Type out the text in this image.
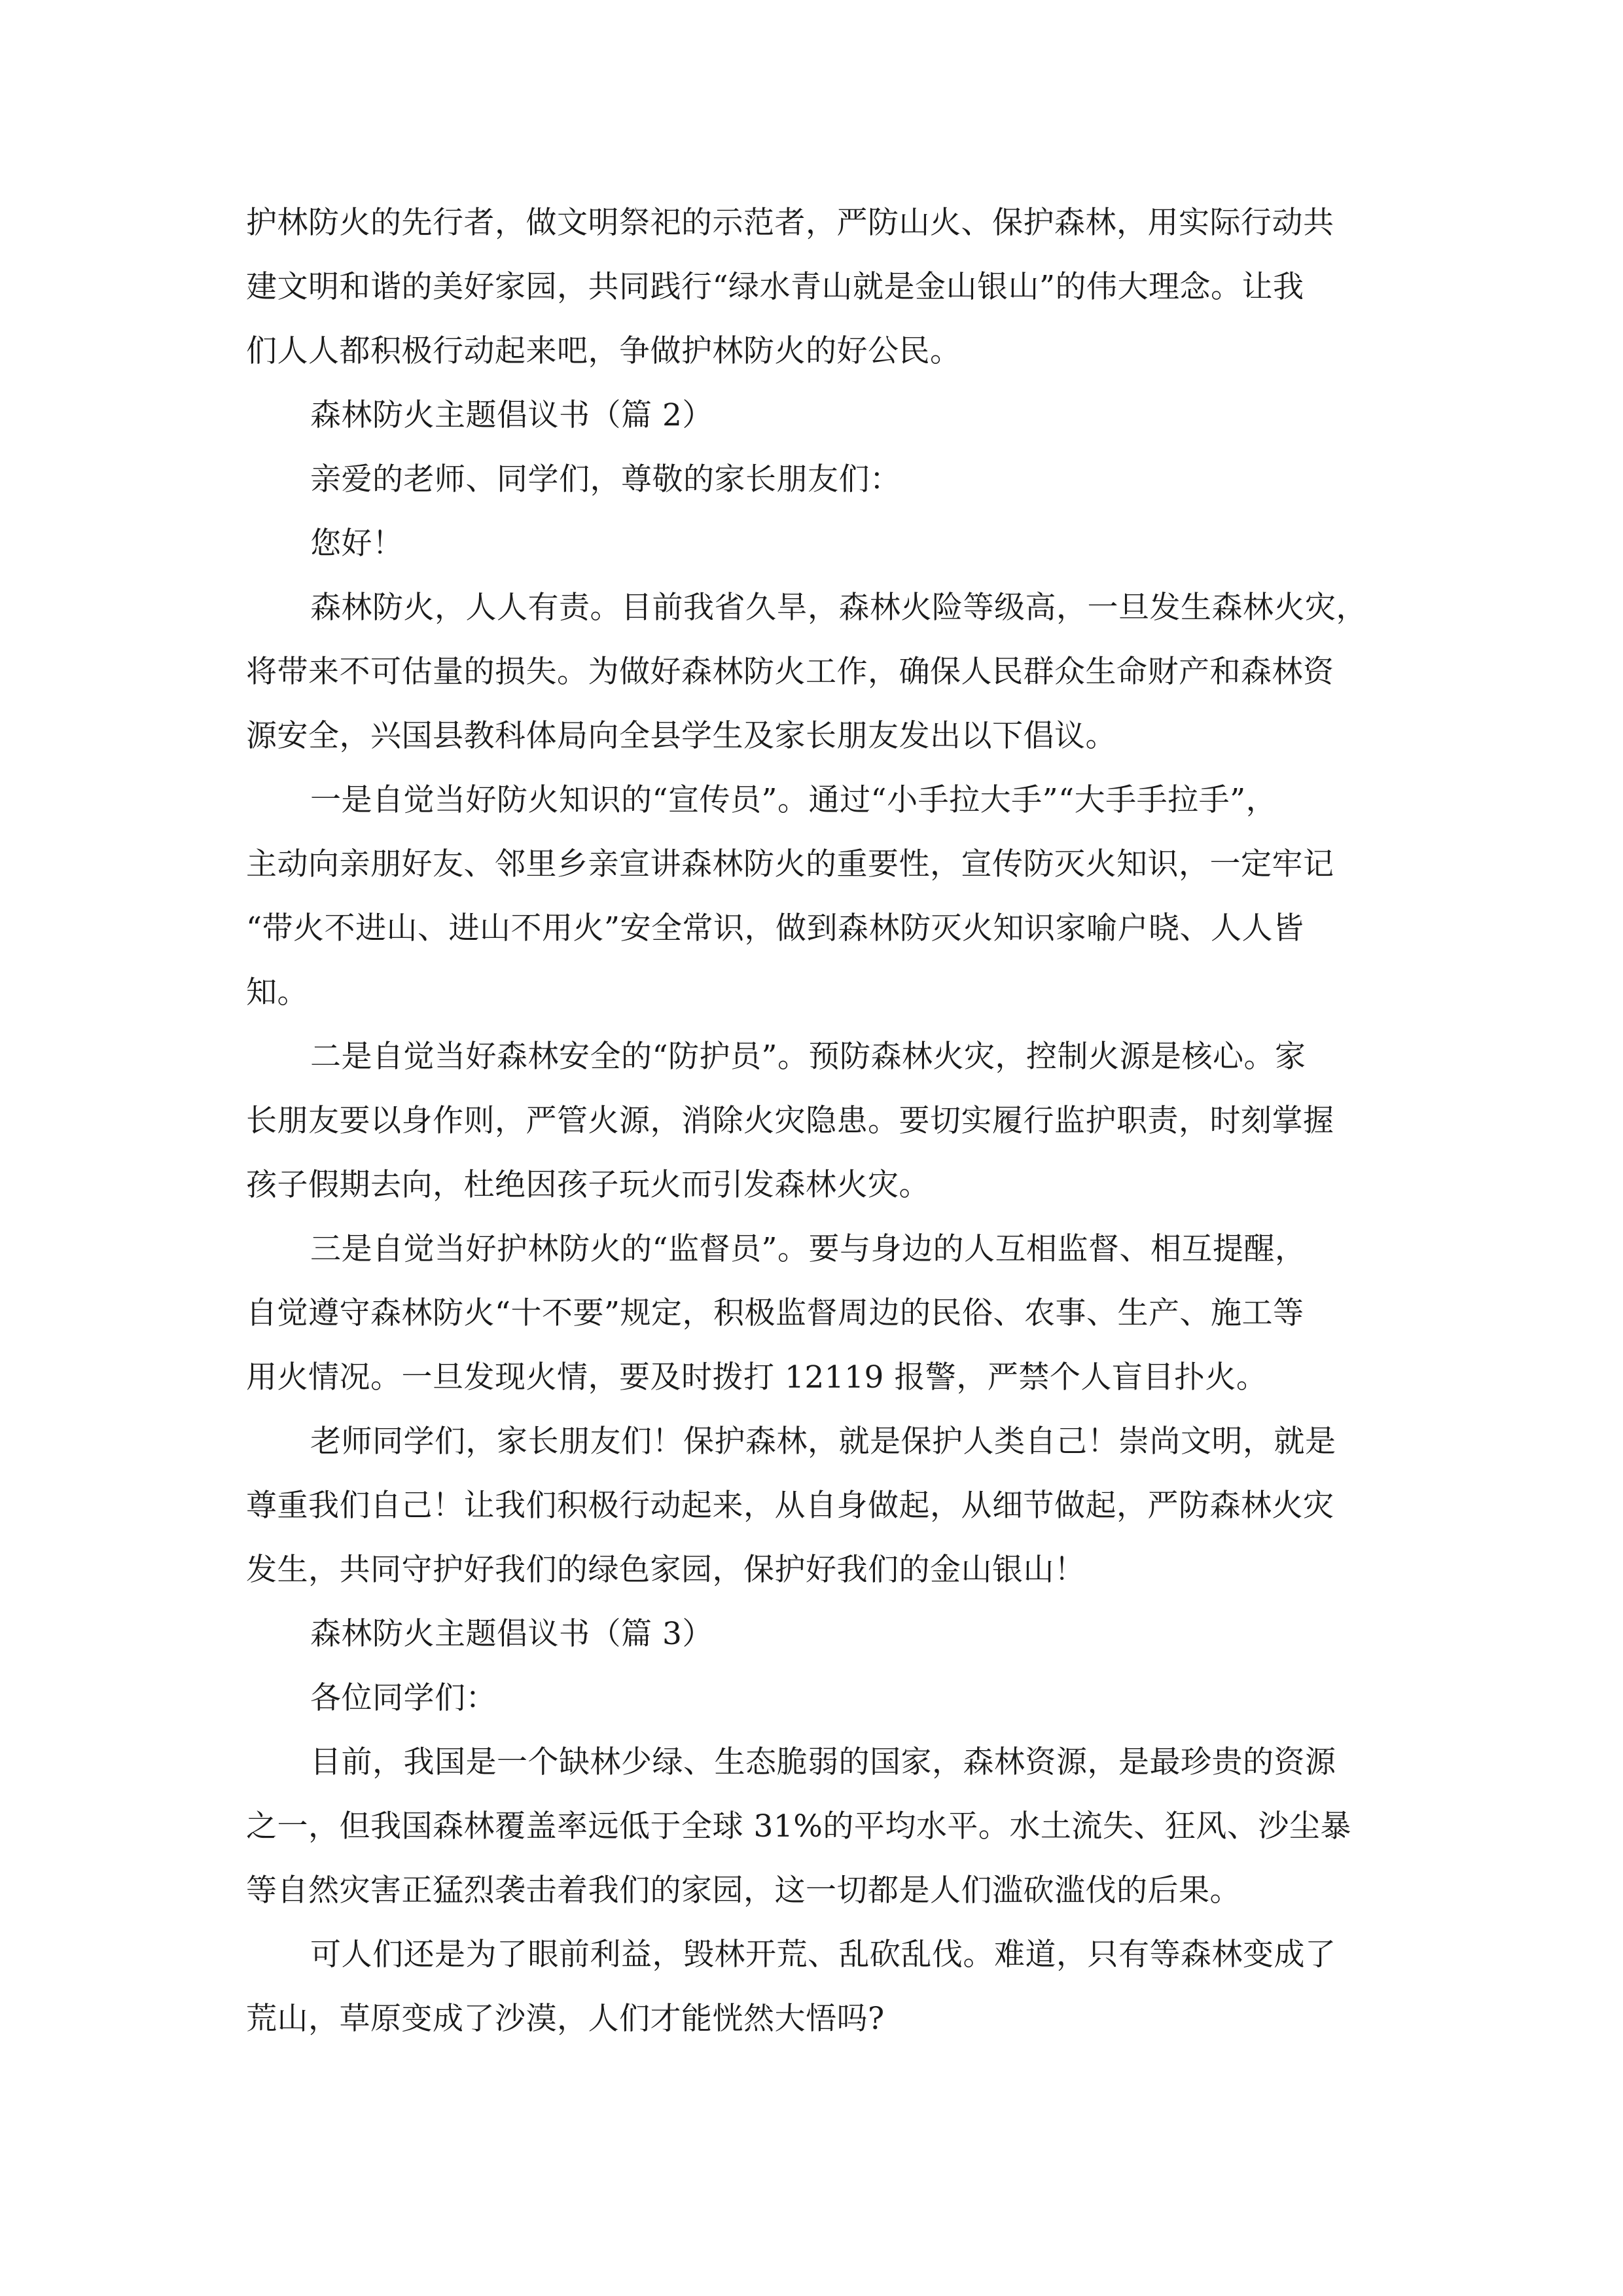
护林防火的先行者，做文明祭祀的示范者，严防山火、保护森林，用实际行动共
建文明和谐的美好家园，共同践行“绿水青山就是金山银山”的伟大理念。让我
们人人都积极行动起来吧，争做护林防火的好公民。
森林防火主题倡议书（篇 2）
亲爱的老师、同学们，尊敬的家长朋友们：
您好！
森林防火，人人有责。目前我省久旱，森林火险等级高，一旦发生森林火灾，
将带来不可估量的损失。为做好森林防火工作，确保人民群众生命财产和森林资
源安全，兴国县教科体局向全县学生及家长朋友发出以下倡议。
一是自觉当好防火知识的“宣传员”。通过“小手拉大手”“大手手拉手”，
主动向亲朋好友、邻里乡亲宣讲森林防火的重要性，宣传防灭火知识，一定牢记
“带火不进山、进山不用火”安全常识，做到森林防灭火知识家喻户晓、人人皆
知。
二是自觉当好森林安全的“防护员”。预防森林火灾，控制火源是核心。家
长朋友要以身作则，严管火源，消除火灾隐患。要切实履行监护职责，时刻掌握
孩子假期去向，杜绝因孩子玩火而引发森林火灾。
三是自觉当好护林防火的“监督员”。要与身边的人互相监督、相互提醒，
自觉遵守森林防火“十不要”规定，积极监督周边的民俗、农事、生产、施工等
用火情况。一旦发现火情，要及时拨打 12119 报警，严禁个人盲目扑火。
老师同学们，家长朋友们！保护森林，就是保护人类自己！崇尚文明，就是
尊重我们自己！让我们积极行动起来，从自身做起，从细节做起，严防森林火灾
发生，共同守护好我们的绿色家园，保护好我们的金山银山！
森林防火主题倡议书（篇 3）
各位同学们：
目前，我国是一个缺林少绿、生态脆弱的国家，森林资源，是最珍贵的资源
之一，但我国森林覆盖率远低于全球 31%的平均水平。水土流失、狂风、沙尘暴
等自然灾害正猛烈袭击着我们的家园，这一切都是人们滥砍滥伐的后果。
可人们还是为了眼前利益，毁林开荒、乱砍乱伐。难道，只有等森林变成了
荒山，草原变成了沙漠，人们才能恍然大悟吗?
